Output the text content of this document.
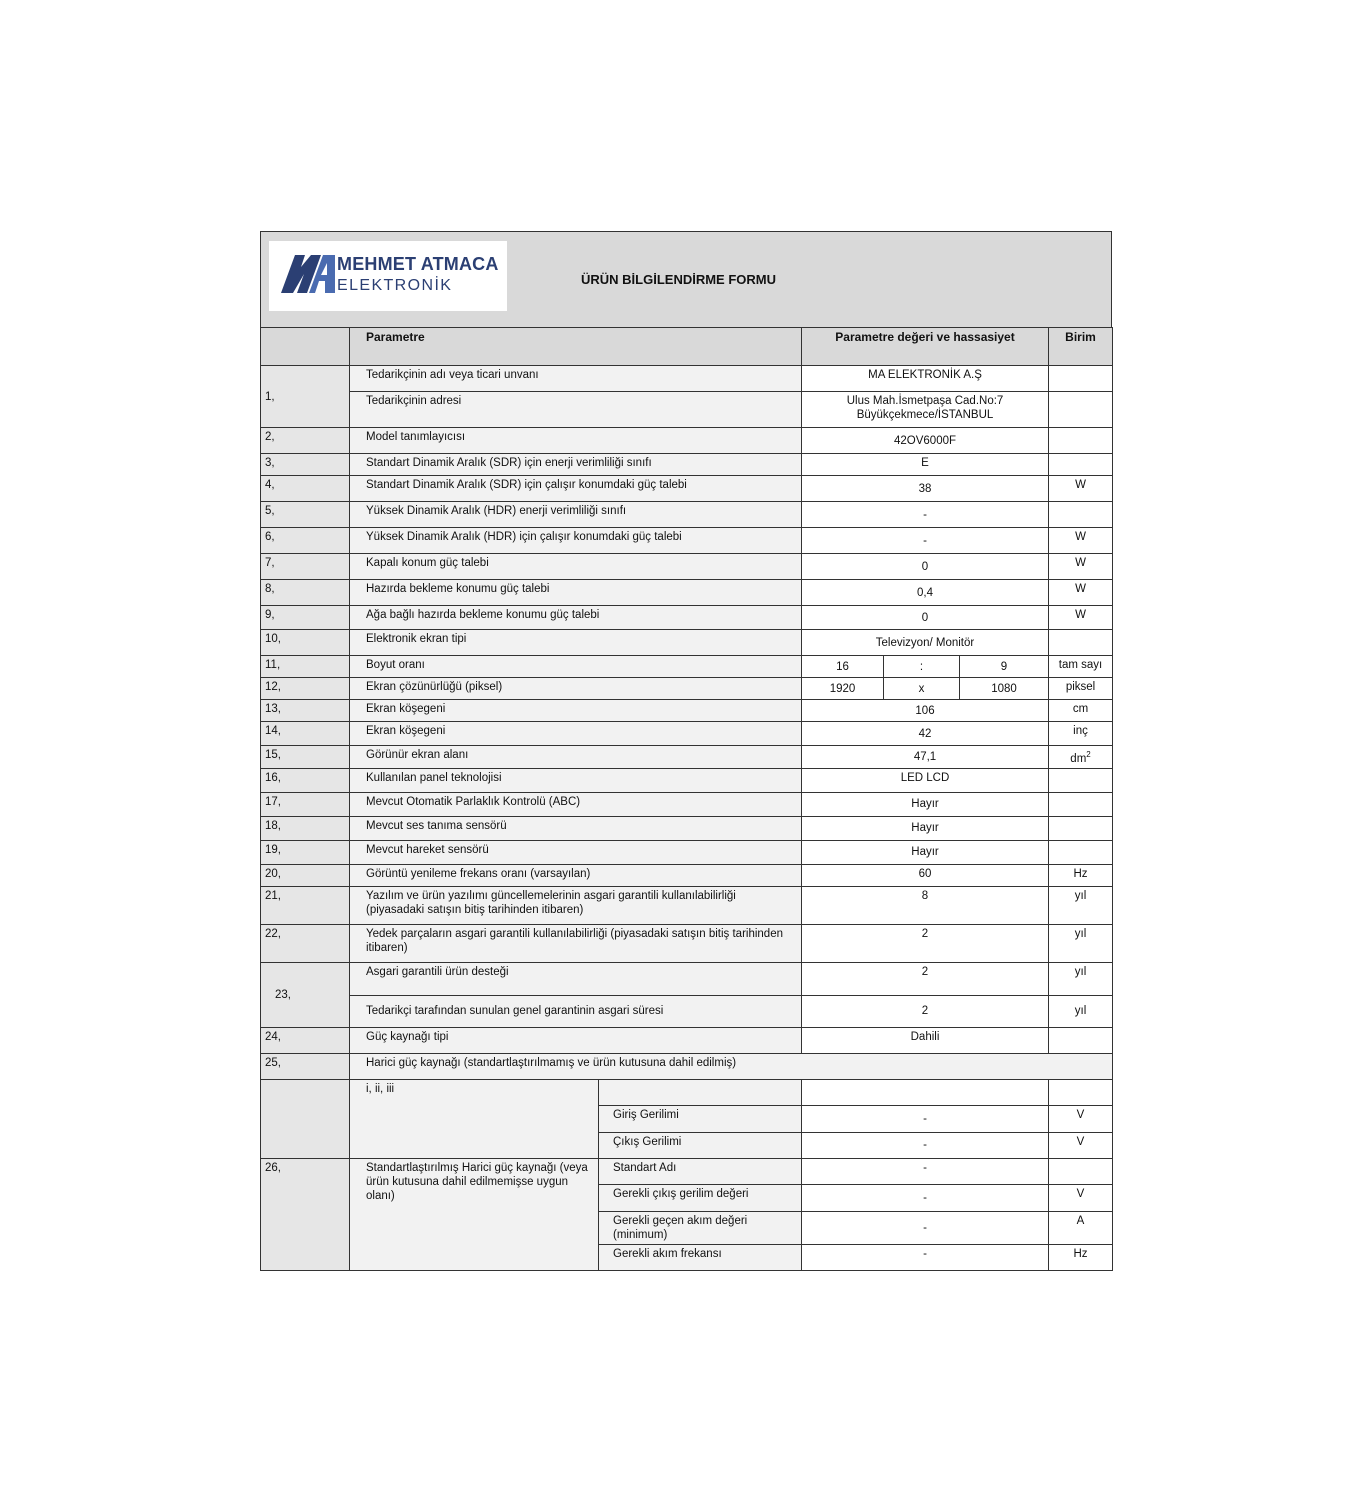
MEHMET ATMACA
ELEKTRONİK	ÜRÜN BİLGİLENDİRME FORMU
	Parametre		Parametre değeri ve hassasiyet			Birim
1,	Tedarikçinin adı veya ticari unvanı		MA ELEKTRONİK A.Ş			
	Tedarikçinin adresi		Ulus Mah.İsmetpaşa Cad.No:7
Büyükçekmece/İSTANBUL			

2,	Model tanımlayıcısı		42OV6000F			
3,	Standart Dinamik Aralık (SDR) için enerji verimliliği sınıfı		E			
4,	Standart Dinamik Aralık (SDR) için çalışır konumdaki güç talebi		38			W
5,	Yüksek Dinamik Aralık (HDR) enerji verimliliği sınıfı		-			
6,	Yüksek Dinamik Aralık (HDR) için çalışır konumdaki güç talebi		-			W
7,	Kapalı konum güç talebi		0			W
8,	Hazırda bekleme konumu güç talebi		0,4			W
9,	Ağa bağlı hazırda bekleme konumu güç talebi		0			W
10,	Elektronik ekran tipi		Televizyon/ Monitör			
11,	Boyut oranı		16	:	9	tam sayı
12,	Ekran çözünürlüğü (piksel)		1920	x	1080	piksel
13,	Ekran köşegeni		106			cm
14,	Ekran köşegeni		42			inç
15,	Görünür ekran alanı		47,1			$dm^2$
16,	Kullanılan panel teknolojisi		LED LCD			
17,	Mevcut Otomatik Parlaklık Kontrolü (ABC)		Hayır			
18,	Mevcut ses tanıma sensörü		Hayır			
19,	Mevcut hareket sensörü		Hayır			
20,	Görüntü yenileme frekans oranı (varsayılan)		60			Hz
21,	Yazılım ve ürün yazılımı güncellemelerinin asgari garantili kullanılabilirliği (piyasadaki satışın bitiş tarihinden itibaren)		8			yıl
22,	Yedek parçaların asgari garantili kullanılabilirliği (piyasadaki satışın bitiş tarihinden itibaren)		2			yıl
23,	Asgari garantili ürün desteği		2			yıl
	Tedarikçi tarafından sunulan genel garantinin asgari süresi		2			yıl
24,	Güç kaynağı tipi		Dahili			
25,	Harici güç kaynağı (standartlaştırılmamış ve ürün kutusuna dahil edilmiş)					
	i, ii, iii					
		Giriş Gerilimi	-			V
		Çıkış Gerilimi	-			V
26,	Standartlaştırılmış Harici güç kaynağı (veya ürün kutusuna dahil edilmemişse uygun olanı)	Standart Adı	-			
		Gerekli çıkış gerilim değeri	-			V
		Gerekli geçen akım değeri (minimum)	-			A
		Gerekli akım frekansı	-			Hz
